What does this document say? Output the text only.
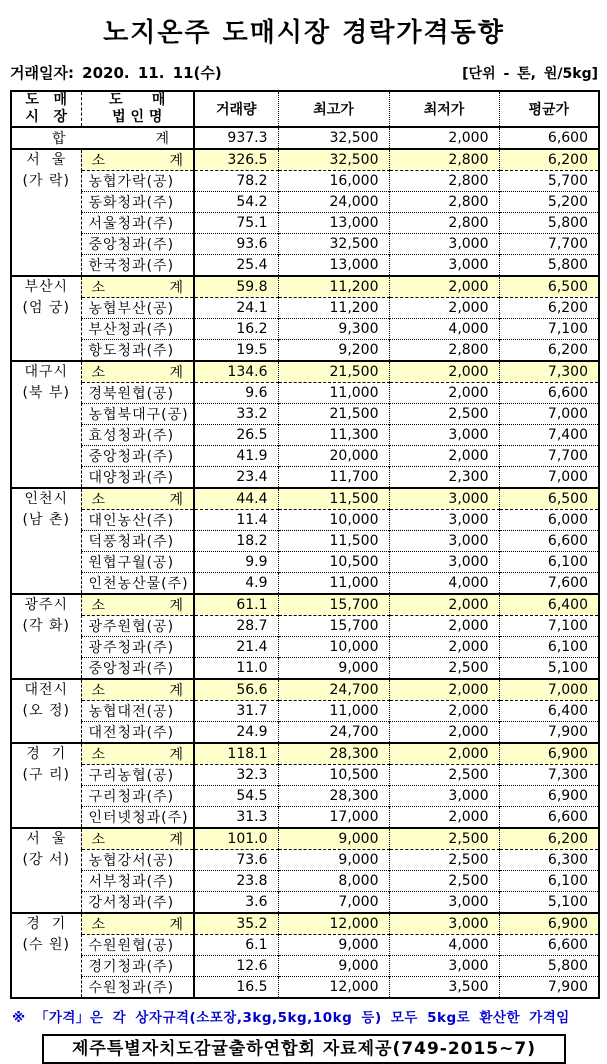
노지온주 도매시장 경락가격동향
거래일자: 2020. 11. 11(수)	[단위 - 톤, 원/5kg]
도   매
시   장	도      매
법 인 명	거래량	최고가	최저가	평균가

합 계		937.3	32,500	2,000	6,600

서  울
(가 락)

소	계	326.5	32,500	2,800	6,200
	농협가락(공)	78.2	16,000	2,800	5,700
	동화청과(주)	54.2	24,000	2,800	5,200
	서울청과(주)	75.1	13,000	2,800	5,800
	중앙청과(주)	93.6	32,500	3,000	7,700
	한국청과(주)	25.4	13,000	3,000	5,800

부산시
(엄 궁)

소	계	59.8	11,200	2,000	6,500
	농협부산(공)	24.1	11,200	2,000	6,200
	부산청과(주)	16.2	9,300	4,000	7,100
	항도청과(주)	19.5	9,200	2,800	6,200

대구시
(북 부)

소	계	134.6	21,500	2,000	7,300
	경북원협(공)	9.6	11,000	2,000	6,600
	농협북대구(공)	33.2	21,500	2,500	7,000
	효성청과(주)	26.5	11,300	3,000	7,400
	중앙청과(주)	41.9	20,000	2,000	7,700
	대양청과(주)	23.4	11,700	2,300	7,000

인천시
(남 촌)

소	계	44.4	11,500	3,000	6,500
	대인농산(주)	11.4	10,000	3,000	6,000
	덕풍청과(주)	18.2	11,500	3,000	6,600
	원협구월(공)	9.9	10,500	3,000	6,100
	인천농산물(주)	4.9	11,000	4,000	7,600

광주시
(각 화)

소	계	61.1	15,700	2,000	6,400
	광주원협(공)	28.7	15,700	2,000	7,100
	광주청과(주)	21.4	10,000	2,000	6,100
	중앙청과(주)	11.0	9,000	2,500	5,100

대전시
(오 정)

소	계	56.6	24,700	2,000	7,000
	농협대전(공)	31.7	11,000	2,000	6,400
	대전청과(주)	24.9	24,700	2,000	7,900

경  기
(구 리)

소	계	118.1	28,300	2,000	6,900
	구리농협(공)	32.3	10,500	2,500	7,300
	구리청과(주)	54.5	28,300	3,000	6,900
	인터넷청과(주)	31.3	17,000	2,000	6,600

서  울
(강 서)

소	계	101.0	9,000	2,500	6,200
	농협강서(공)	73.6	9,000	2,500	6,300
	서부청과(주)	23.8	8,000	2,500	6,100
	강서청과(주)	3.6	7,000	3,000	5,100

경  기
(수 원)

소	계	35.2	12,000	3,000	6,900
	수원원협(공)	6.1	9,000	4,000	6,600
	경기청과(주)	12.6	9,000	3,000	5,800
	수원청과(주)	16.5	12,000	3,500	7,900
※ 「가격」은 각 상자규격(소포장,3kg,5kg,10kg 등) 모두 5kg로 환산한 가격임
제주특별자치도감귤출하연합회 자료제공(749-2015~7)
